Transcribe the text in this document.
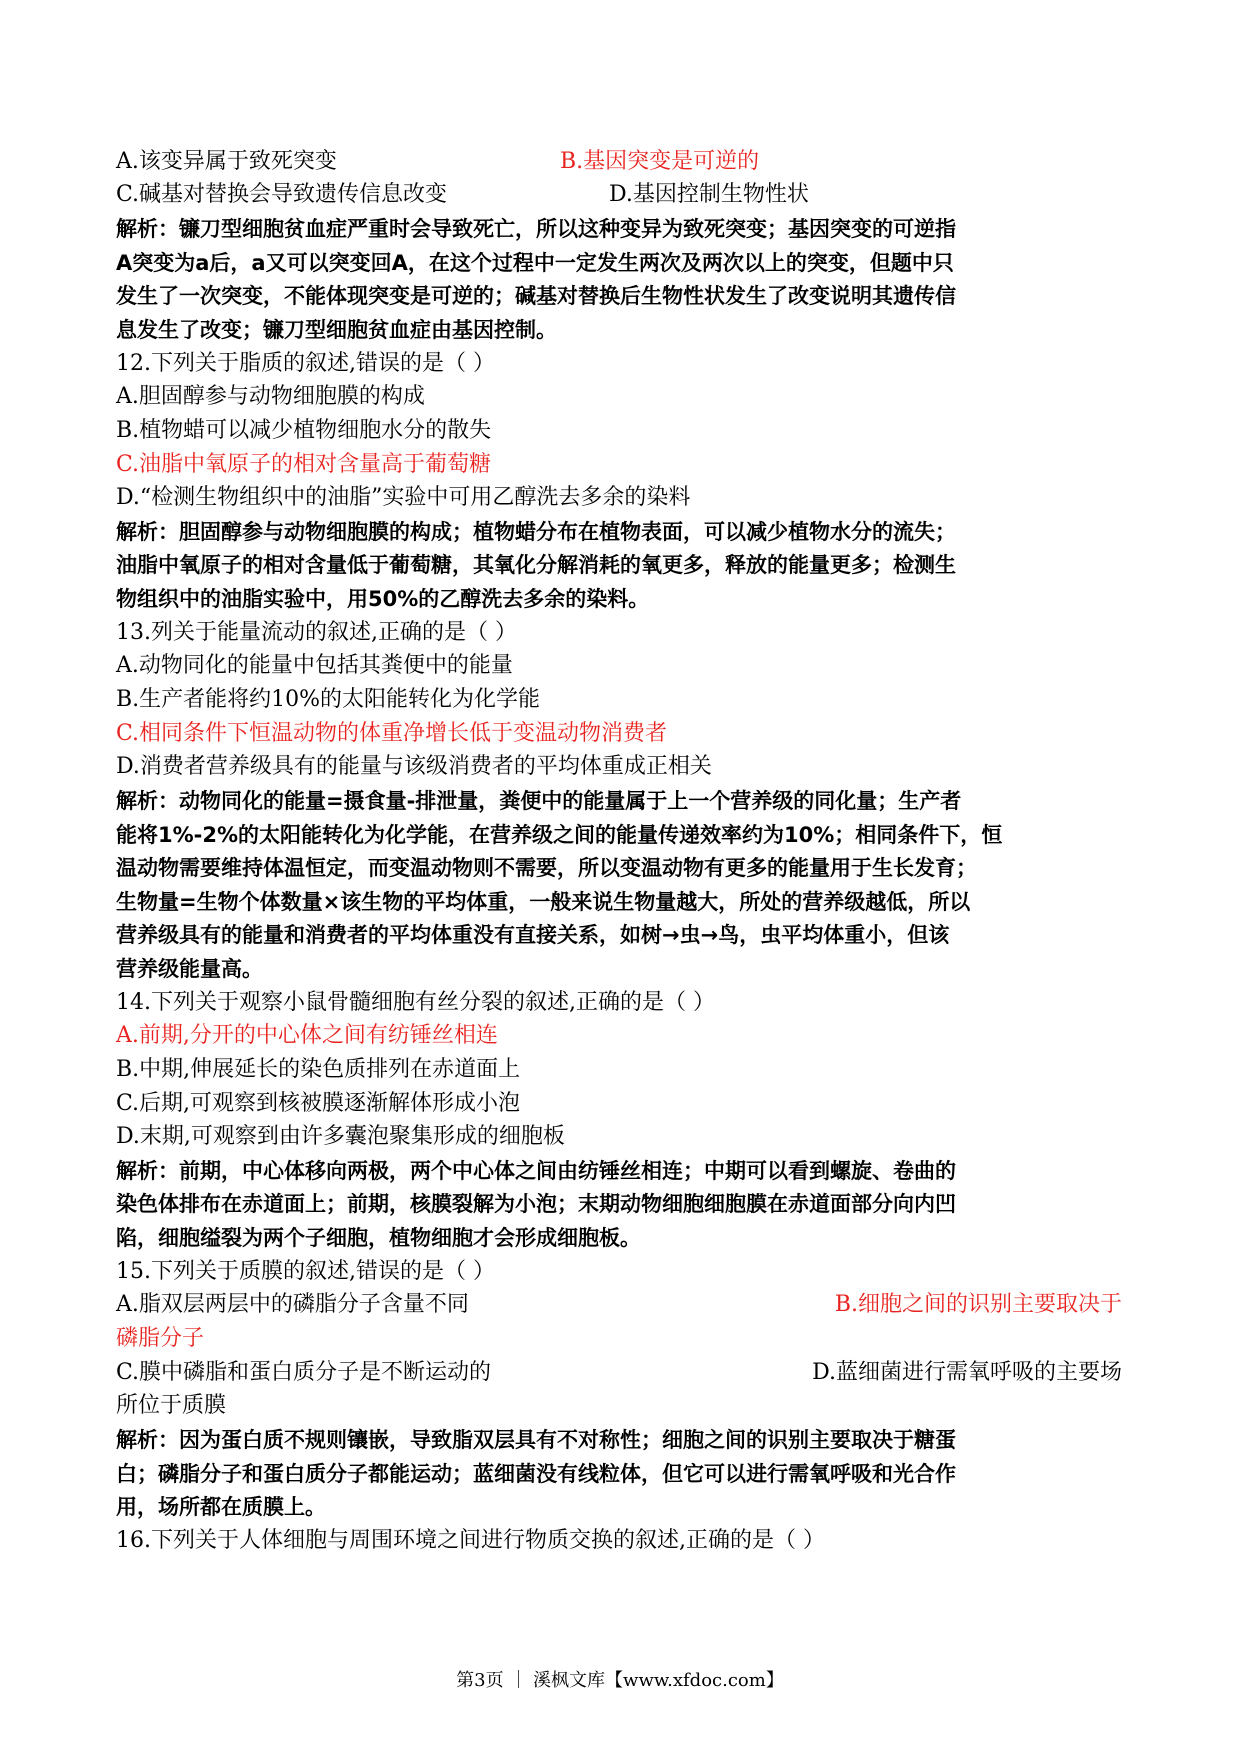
A.该变异属于致死突变	B.基因突变是可逆的
C.碱基对替换会导致遗传信息改变	D.基因控制生物性状
解析：镰刀型细胞贫血症严重时会导致死亡，所以这种变异为致死突变；基因突变的可逆指
A突变为a后，a又可以突变回A，在这个过程中一定发生两次及两次以上的突变，但题中只
发生了一次突变，不能体现突变是可逆的；碱基对替换后生物性状发生了改变说明其遗传信
息发生了改变；镰刀型细胞贫血症由基因控制。
12.下列关于脂质的叙述,错误的是（ ）
A.胆固醇参与动物细胞膜的构成
B.植物蜡可以减少植物细胞水分的散失
C.油脂中氧原子的相对含量高于葡萄糖
D.“检测生物组织中的油脂”实验中可用乙醇洗去多余的染料
解析：胆固醇参与动物细胞膜的构成；植物蜡分布在植物表面，可以减少植物水分的流失；
油脂中氧原子的相对含量低于葡萄糖，其氧化分解消耗的氧更多，释放的能量更多；检测生
物组织中的油脂实验中，用50%的乙醇洗去多余的染料。
13.列关于能量流动的叙述,正确的是（ ）
A.动物同化的能量中包括其粪便中的能量
B.生产者能将约10%的太阳能转化为化学能
C.相同条件下恒温动物的体重净增长低于变温动物消费者
D.消费者营养级具有的能量与该级消费者的平均体重成正相关
解析：动物同化的能量=摄食量-排泄量，粪便中的能量属于上一个营养级的同化量；生产者
能将1%-2%的太阳能转化为化学能，在营养级之间的能量传递效率约为10%；相同条件下，恒
温动物需要维持体温恒定，而变温动物则不需要，所以变温动物有更多的能量用于生长发育；
生物量=生物个体数量×该生物的平均体重，一般来说生物量越大，所处的营养级越低，所以
营养级具有的能量和消费者的平均体重没有直接关系，如树→虫→鸟，虫平均体重小，但该
营养级能量高。
14.下列关于观察小鼠骨髓细胞有丝分裂的叙述,正确的是（ ）
A.前期,分开的中心体之间有纺锤丝相连
B.中期,伸展延长的染色质排列在赤道面上
C.后期,可观察到核被膜逐渐解体形成小泡
D.末期,可观察到由许多囊泡聚集形成的细胞板
解析：前期，中心体移向两极，两个中心体之间由纺锤丝相连；中期可以看到螺旋、卷曲的
染色体排布在赤道面上；前期，核膜裂解为小泡；末期动物细胞细胞膜在赤道面部分向内凹
陷，细胞缢裂为两个子细胞，植物细胞才会形成细胞板。
15.下列关于质膜的叙述,错误的是（ ）
A.脂双层两层中的磷脂分子含量不同	B.细胞之间的识别主要取决于
磷脂分子
C.膜中磷脂和蛋白质分子是不断运动的	D.蓝细菌进行需氧呼吸的主要场
所位于质膜
解析：因为蛋白质不规则镶嵌，导致脂双层具有不对称性；细胞之间的识别主要取决于糖蛋
白；磷脂分子和蛋白质分子都能运动；蓝细菌没有线粒体，但它可以进行需氧呼吸和光合作
用，场所都在质膜上。
16.下列关于人体细胞与周围环境之间进行物质交换的叙述,正确的是（ ）
第3页 ｜ 溪枫文库【www.xfdoc.com】
